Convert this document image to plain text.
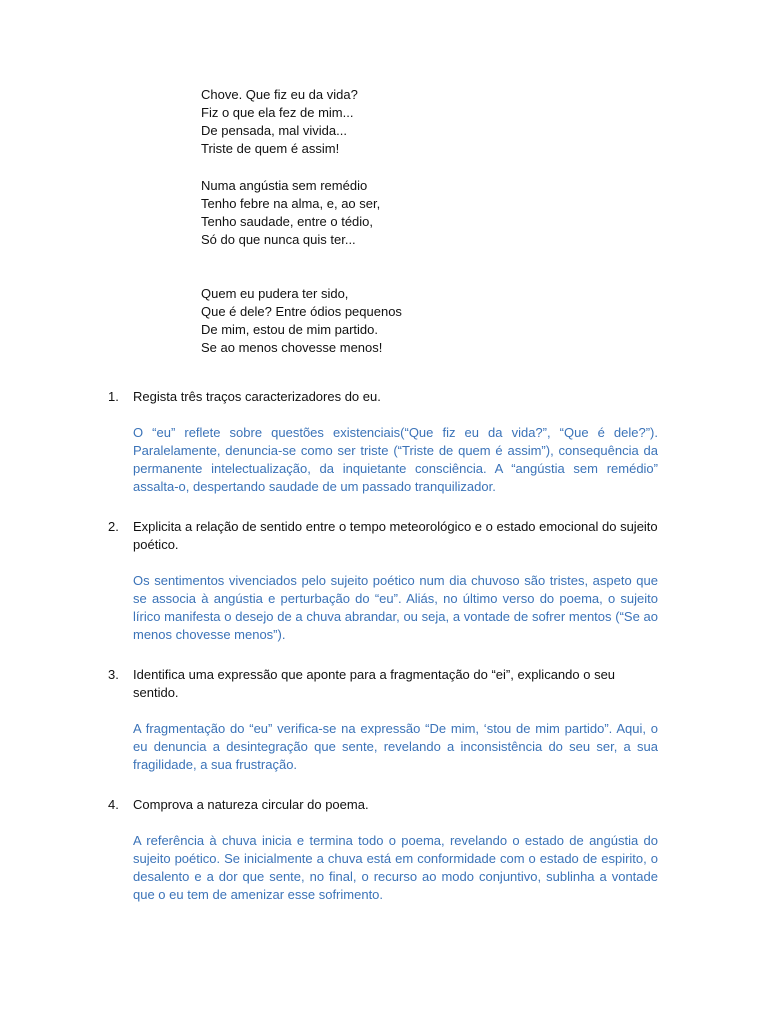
Chove. Que fiz eu da vida?
Fiz o que ela fez de mim...
De pensada, mal vivida...
Triste de quem é assim!
Numa angústia sem remédio
Tenho febre na alma, e, ao ser,
Tenho saudade, entre o tédio,
Só do que nunca quis ter...
Quem eu pudera ter sido,
Que é dele? Entre ódios pequenos
De mim, estou de mim partido.
Se ao menos chovesse menos!
1.	Regista três traços caracterizadores do eu.
O “eu” reflete sobre questões existenciais(“Que fiz eu da vida?”, “Que é dele?”). Paralelamente, denuncia-se como ser triste (“Triste de quem é assim”), consequência da permanente intelectualização, da inquietante consciência. A “angústia sem remédio” assalta-o, despertando saudade de um passado tranquilizador.
2.	Explicita a relação de sentido entre o tempo meteorológico e o estado emocional do sujeito poético.
Os sentimentos vivenciados pelo sujeito poético num dia chuvoso são tristes, aspeto que se associa à angústia e perturbação do “eu”. Aliás, no último verso do poema, o sujeito lírico manifesta o desejo de a chuva abrandar, ou seja, a vontade de sofrer mentos (“Se ao menos chovesse menos”).
3.	Identifica uma expressão que aponte para a fragmentação do “ei”, explicando o seu sentido.
A fragmentação do “eu” verifica-se na expressão “De mim, ‘stou de mim partido”. Aqui, o eu denuncia a desintegração que sente, revelando a inconsistência do seu ser, a sua fragilidade, a sua frustração.
4.	Comprova a natureza circular do poema.
A referência à chuva inicia e termina todo o poema, revelando o estado de angústia do sujeito poético. Se inicialmente a chuva está em conformidade com o estado de espirito, o desalento e a dor que sente, no final, o recurso ao modo conjuntivo, sublinha a vontade que o eu tem de amenizar esse sofrimento.
